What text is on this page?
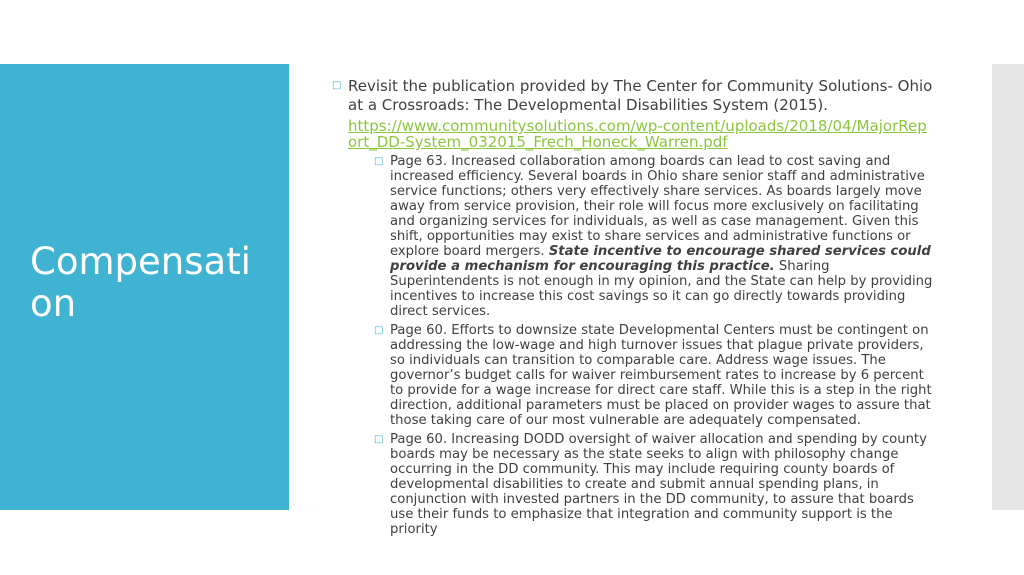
Compensation
□ Revisit the publication provided by The Center for Community Solutions- Ohio at a Crossroads: The Developmental Disabilities System (2015).
https://www.communitysolutions.com/wp-content/uploads/2018/04/MajorReport_DD-System_032015_Frech_Honeck_Warren.pdf
□ Page 63. Increased collaboration among boards can lead to cost saving and increased efficiency. Several boards in Ohio share senior staff and administrative service functions; others very effectively share services. As boards largely move away from service provision, their role will focus more exclusively on facilitating and organizing services for individuals, as well as case management. Given this shift, opportunities may exist to share services and administrative functions or explore board mergers. State incentive to encourage shared services could provide a mechanism for encouraging this practice. Sharing Superintendents is not enough in my opinion, and the State can help by providing incentives to increase this cost savings so it can go directly towards providing direct services.
□ Page 60. Efforts to downsize state Developmental Centers must be contingent on addressing the low-wage and high turnover issues that plague private providers, so individuals can transition to comparable care. Address wage issues. The governor’s budget calls for waiver reimbursement rates to increase by 6 percent to provide for a wage increase for direct care staff. While this is a step in the right direction, additional parameters must be placed on provider wages to assure that those taking care of our most vulnerable are adequately compensated.
□ Page 60. Increasing DODD oversight of waiver allocation and spending by county boards may be necessary as the state seeks to align with philosophy change occurring in the DD community. This may include requiring county boards of developmental disabilities to create and submit annual spending plans, in conjunction with invested partners in the DD community, to assure that boards use their funds to emphasize that integration and community support is the priority
